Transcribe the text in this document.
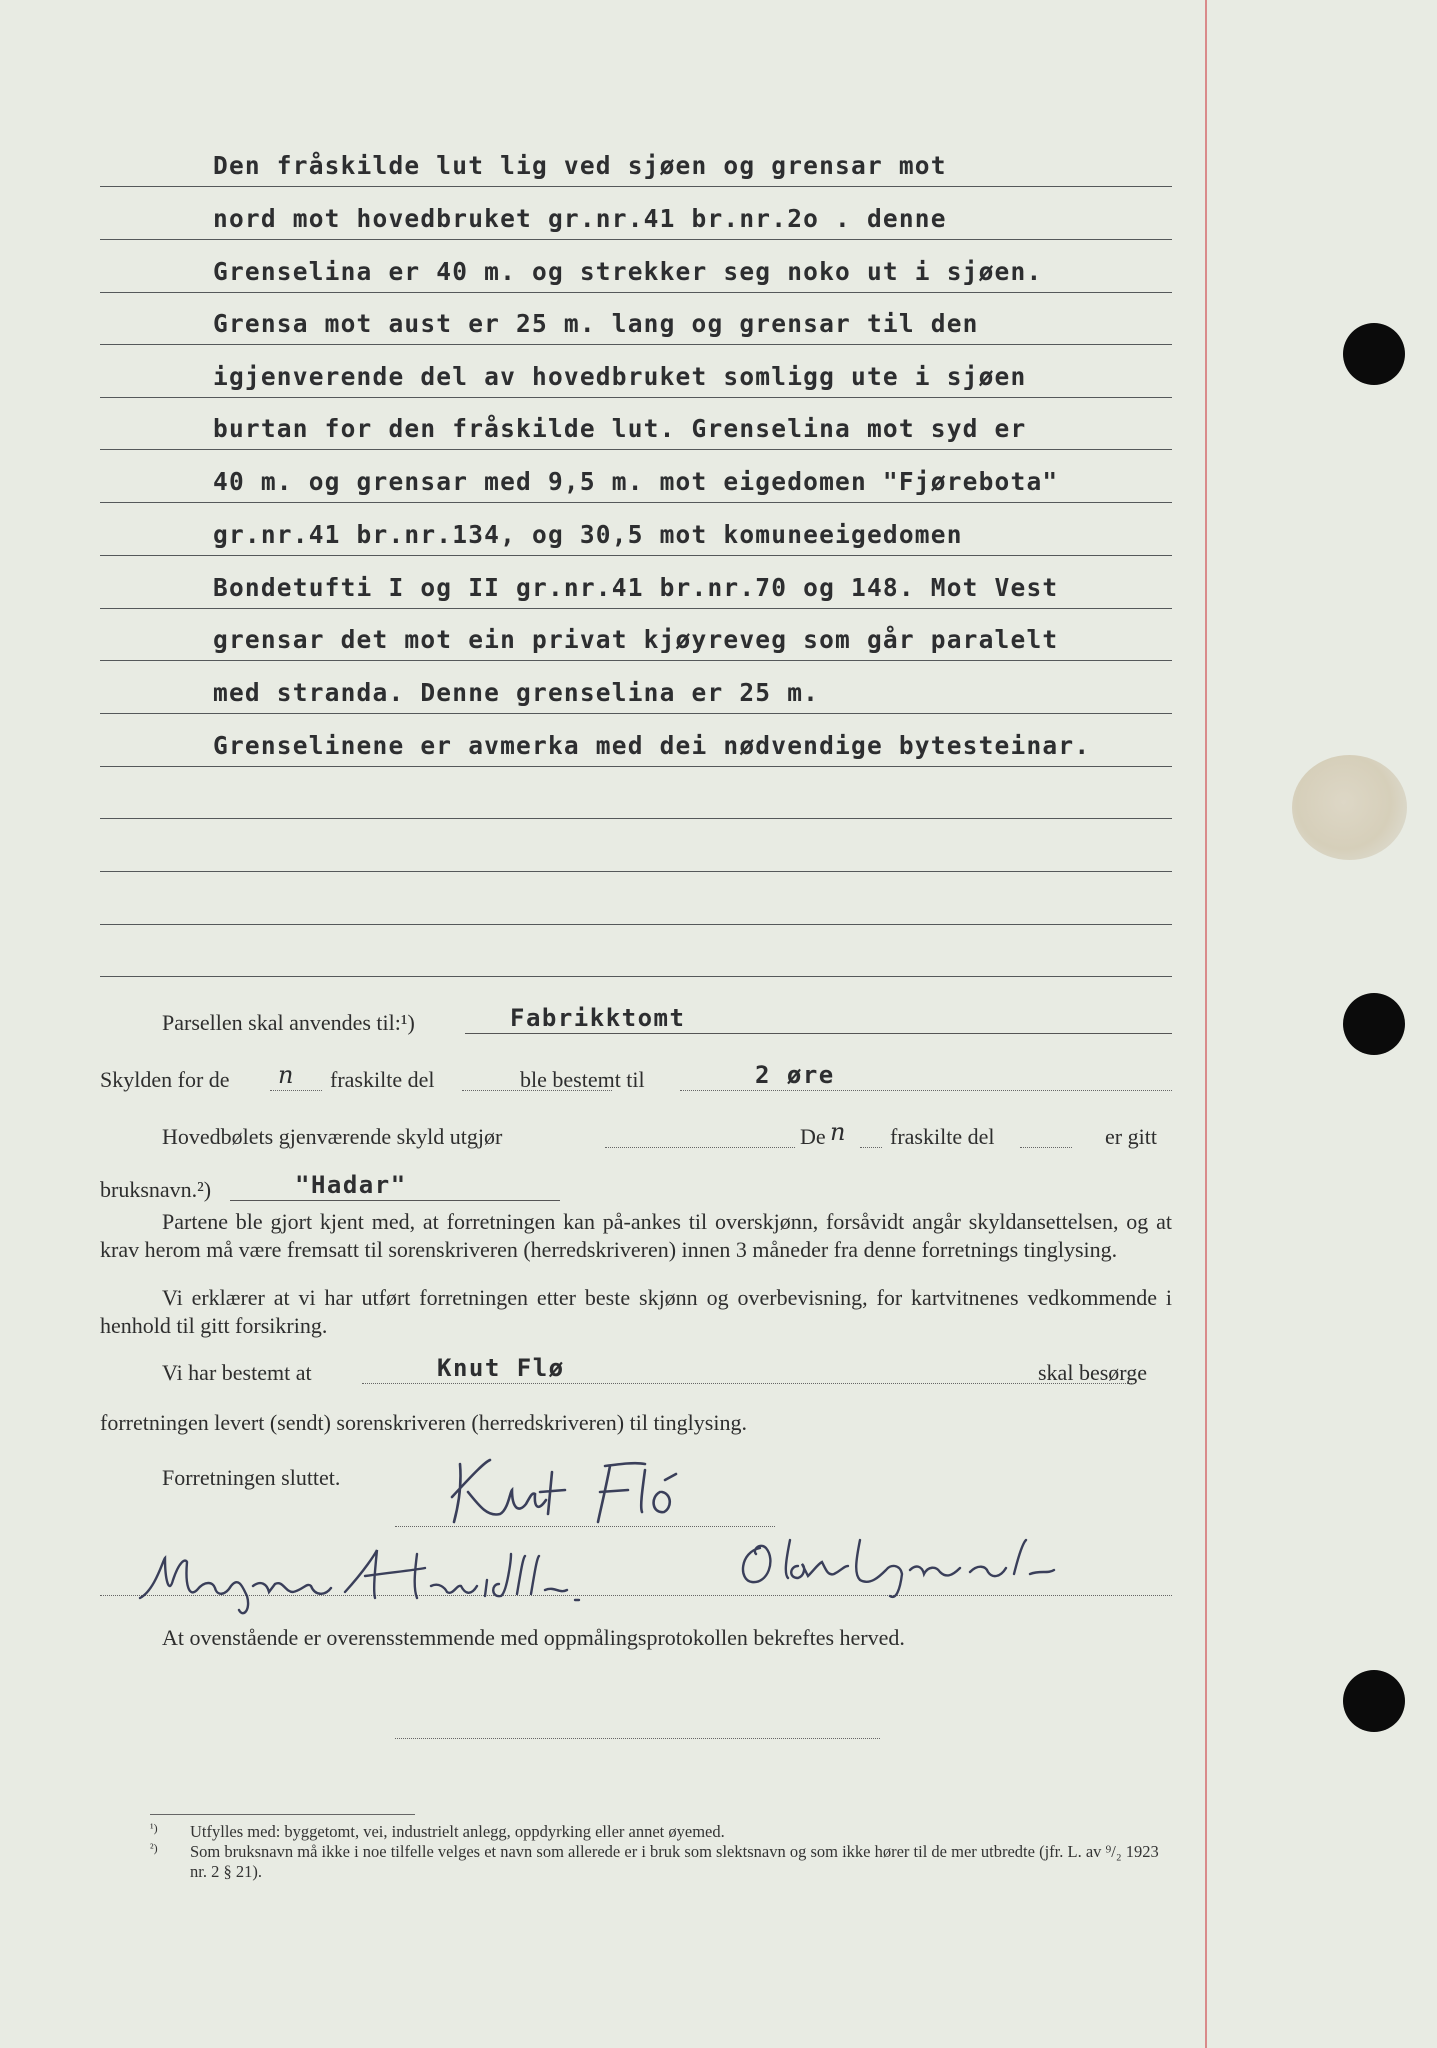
Den fråskilde lut lig ved sjøen og grensar mot
nord mot hovedbruket gr.nr.41 br.nr.2o . denne
Grenselina er 40 m. og strekker seg noko ut i sjøen.
Grensa mot aust er 25 m. lang og grensar til den
igjenverende del av hovedbruket somligg ute i sjøen
burtan for den fråskilde lut. Grenselina mot syd er
40 m. og grensar med 9,5 m. mot eigedomen "Fjørebota"
gr.nr.41 br.nr.134, og 30,5 mot komuneeigedomen
Bondetufti I og II gr.nr.41 br.nr.70 og 148. Mot Vest
grensar det mot ein privat kjøyreveg som går paralelt
med stranda. Denne grenselina er 25 m.
Grenselinene er avmerka med dei nødvendige bytesteinar.
Parsellen skal anvendes til:¹)	Fabrikktomt
Skylden for de n fraskilte del	ble bestemt til	2 øre
Hovedbølets gjenværende skyld utgjør	De n fraskilte del	er gitt
bruksnavn.²)	"Hadar"
Partene ble gjort kjent med, at forretningen kan på-ankes til overskjønn, forsåvidt angår skyldansettelsen, og at krav herom må være fremsatt til sorenskriveren (herredskriveren) innen 3 måneder fra denne forretnings tinglysing.
Vi erklærer at vi har utført forretningen etter beste skjønn og overbevisning, for kartvitnenes vedkommende i henhold til gitt forsikring.
Vi har bestemt at	Knut Flø	skal besørge
forretningen levert (sendt) sorenskriveren (herredskriveren) til tinglysing.
Forretningen sluttet.
At ovenstående er overensstemmende med oppmålingsprotokollen bekreftes herved.
¹) Utfylles med: byggetomt, vei, industrielt anlegg, oppdyrking eller annet øyemed.
²) Som bruksnavn må ikke i noe tilfelle velges et navn som allerede er i bruk som slektsnavn og som ikke hører til de mer utbredte (jfr. L. av ⁹/₂ 1923 nr. 2 § 21).
